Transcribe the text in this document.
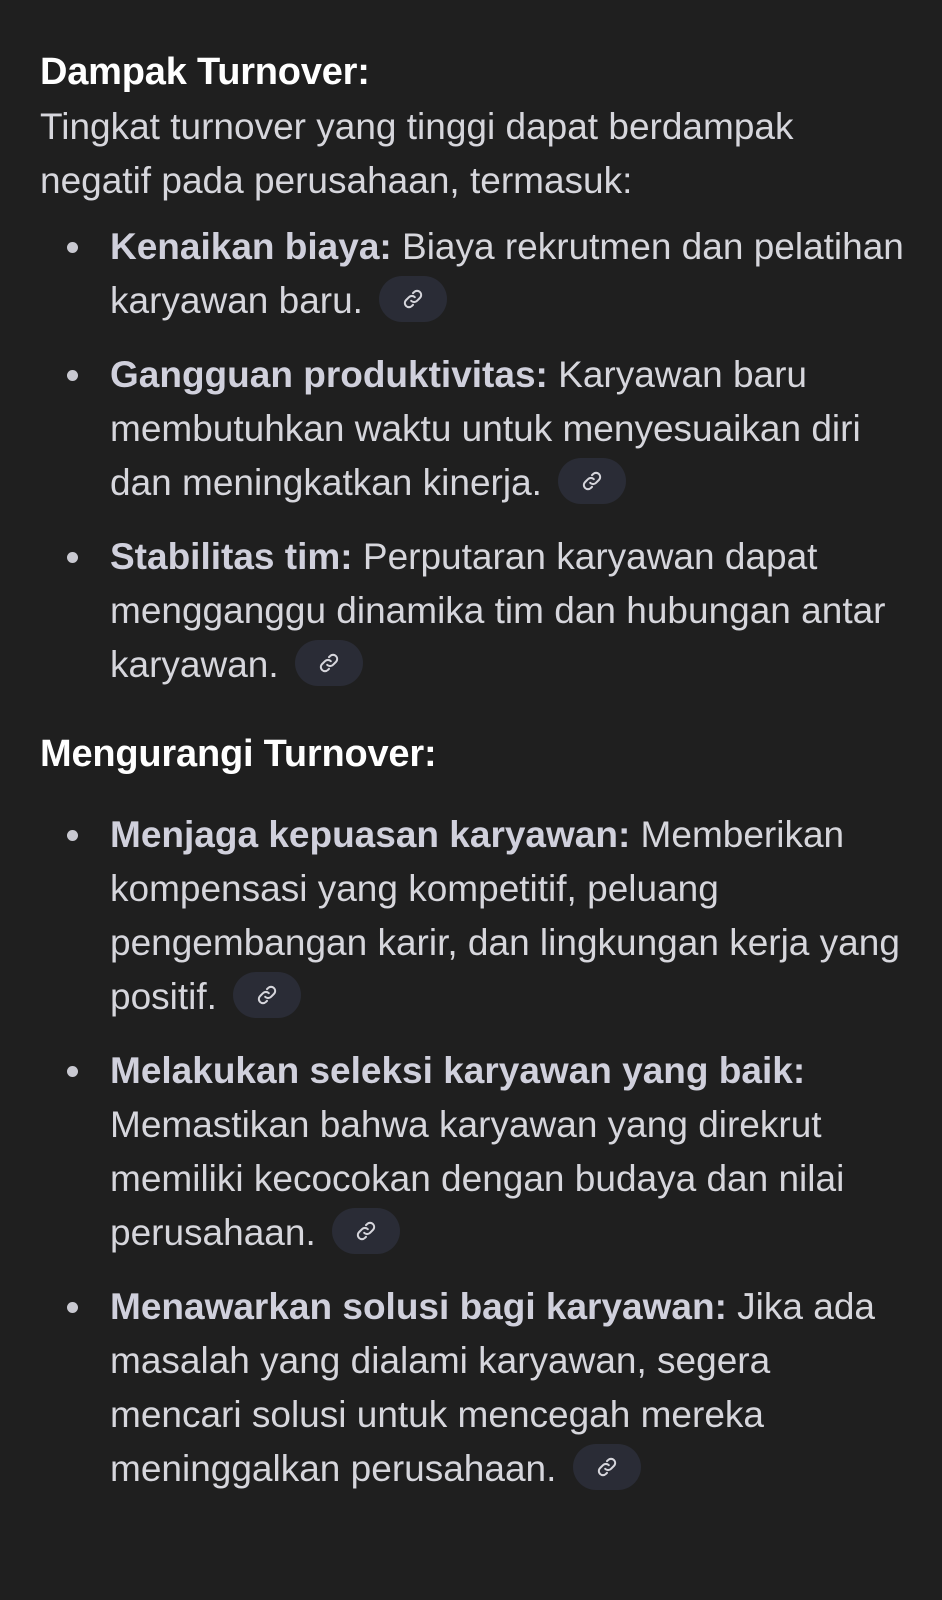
Dampak Turnover:

Tingkat turnover yang tinggi dapat berdampak negatif pada perusahaan, termasuk:

Kenaikan biaya: Biaya rekrutmen dan pelatihan karyawan baru.
Gangguan produktivitas: Karyawan baru membutuhkan waktu untuk menyesuaikan diri dan meningkatkan kinerja.
Stabilitas tim: Perputaran karyawan dapat mengganggu dinamika tim dan hubungan antar karyawan.
Mengurangi Turnover:
Menjaga kepuasan karyawan: Memberikan kompensasi yang kompetitif, peluang pengembangan karir, dan lingkungan kerja yang positif.
Melakukan seleksi karyawan yang baik: Memastikan bahwa karyawan yang direkrut memiliki kecocokan dengan budaya dan nilai perusahaan.
Menawarkan solusi bagi karyawan: Jika ada masalah yang dialami karyawan, segera mencari solusi untuk mencegah mereka meninggalkan perusahaan.
